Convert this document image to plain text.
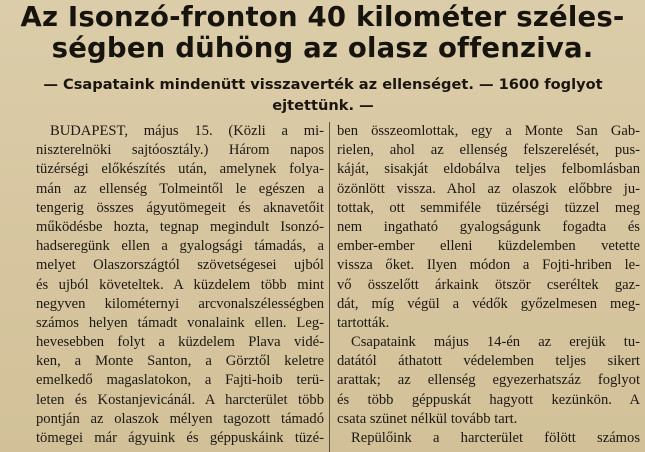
Az Isonzó-fronton 40 kilométer széles-
ségben dühöng az olasz offenziva.
— Csapataink mindenütt visszaverték az ellenséget. — 1600 foglyot
ejtettünk. —
BUDAPEST, május 15. (Közli a mi-
niszterelnöki sajtóosztály.) Három napos
tüzérségi előkészítés után, amelynek folya-
mán az ellenség Tolmeintől le egészen a
tengerig összes ágyutömegeit és aknavetőit
működésbe hozta, tegnap megindult Isonzó-
hadseregünk ellen a gyalogsági támadás, a
melyet Olaszországtól szövetségesei ujból
és ujból követeltek. A küzdelem több mint
negyven kilométernyi arcvonalszélességben
számos helyen támadt vonalaink ellen. Leg-
hevesebben folyt a küzdelem Plava vidé-
ken, a Monte Santon, a Görztől keletre
emelkedő magaslatokon, a Fajti-hoib terü-
leten és Kostanjevicánál. A harcterület több
pontján az olaszok mélyen tagozott támadó
tömegei már ágyuink és géppuskáink tüzé-
ben összeomlottak, egy a Monte San Gab-
rielen, ahol az ellenség felszerelését, pus-
káját, sisakját eldobálva teljes felbomlásban
özönlött vissza. Ahol az olaszok előbbre ju-
tottak, ott semmiféle tüzérségi tüzzel meg
nem ingatható gyalogságunk fogadta és
ember-ember elleni küzdelemben vetette
vissza őket. Ilyen módon a Fojti-hriben le-
vő összelőtt árkaink ötször cseréltek gaz-
dát, míg végül a védők győzelmesen meg-
tartották.
Csapataink május 14-én az erejük tu-
datától áthatott védelemben teljes sikert
arattak; az ellenség egyezerhatszáz foglyot
és több géppuskát hagyott kezünkön. A
csata szünet nélkül tovább tart.
Repülőink a harcterület fölött számos
